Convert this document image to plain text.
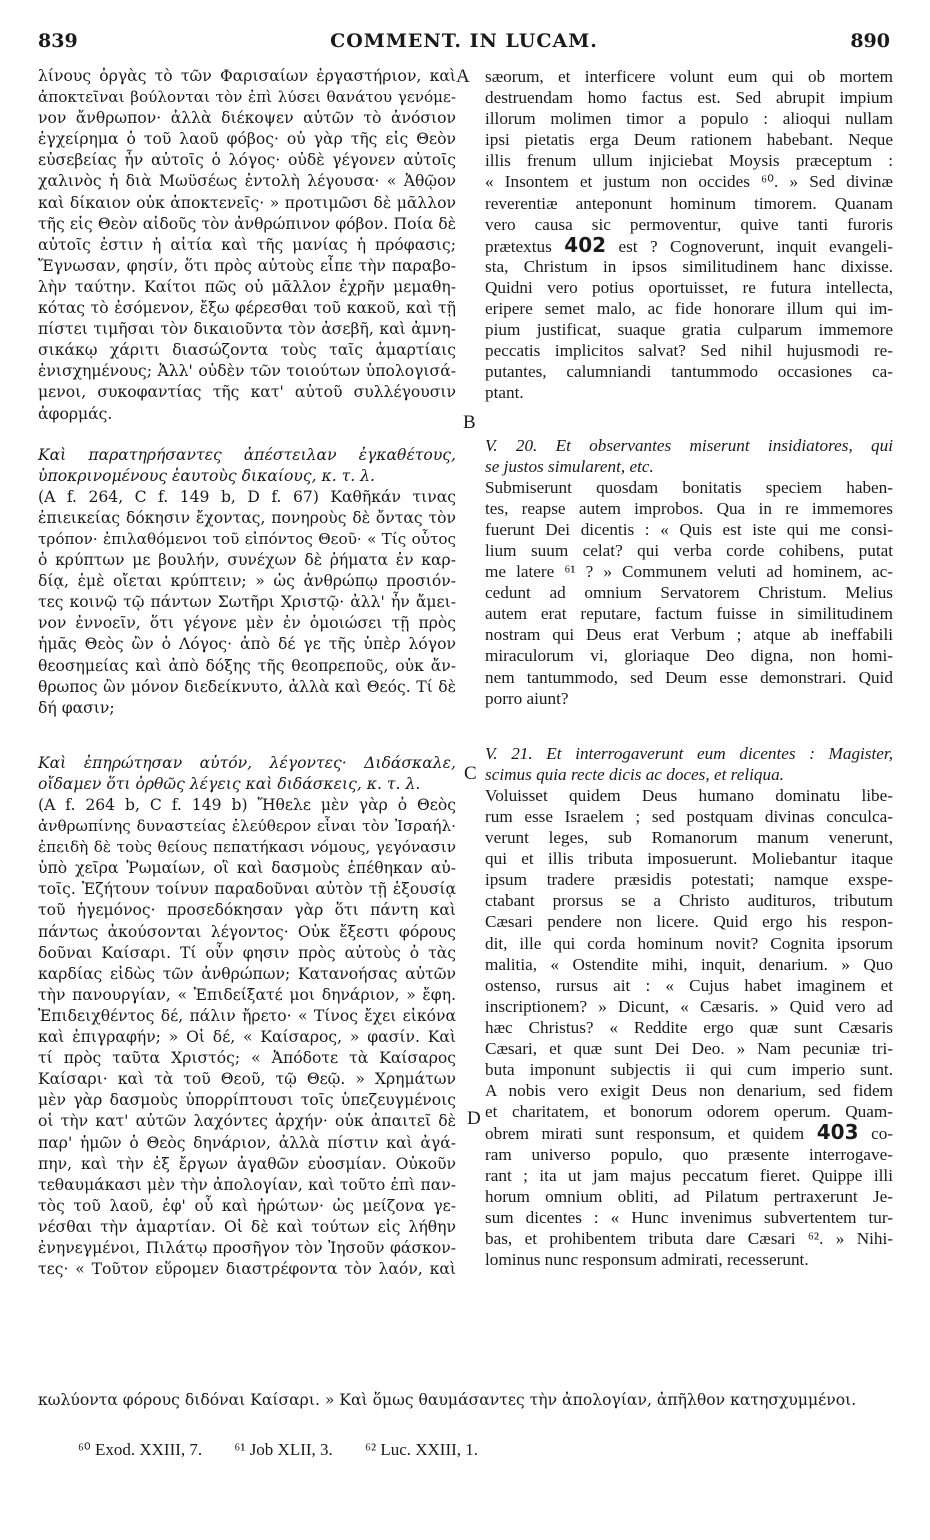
839	COMMENT. IN LUCAM.	890
A
B
C
D
λίνους ὀργὰς τὸ τῶν Φαρισαίων ἐργαστήριον, καὶ
ἀποκτεῖναι βούλονται τὸν ἐπὶ λύσει θανάτου γενόμε-
νον ἄνθρωπον· ἀλλὰ διέκοψεν αὐτῶν τὸ ἀνόσιον
ἐγχείρημα ὁ τοῦ λαοῦ φόβος· οὐ γὰρ τῆς εἰς Θεὸν
εὐσεβείας ἦν αὐτοῖς ὁ λόγος· οὐδὲ γέγονεν αὐτοῖς
χαλινὸς ἡ διὰ Μωϋσέως ἐντολὴ λέγουσα· « Ἀθῷον
καὶ δίκαιον οὐκ ἀποκτενεῖς· » προτιμῶσι δὲ μᾶλλον
τῆς εἰς Θεὸν αἰδοῦς τὸν ἀνθρώπινον φόβον. Ποία δὲ
αὐτοῖς ἐστιν ἡ αἰτία καὶ τῆς μανίας ἡ πρόφασις;
Ἔγνωσαν, φησίν, ὅτι πρὸς αὐτοὺς εἶπε τὴν παραβο-
λὴν ταύτην. Καίτοι πῶς οὐ μᾶλλον ἐχρῆν μεμαθη-
κότας τὸ ἐσόμενον, ἔξω φέρεσθαι τοῦ κακοῦ, καὶ τῇ
πίστει τιμῆσαι τὸν δικαιοῦντα τὸν ἀσεβῆ, καὶ ἀμνη-
σικάκῳ χάριτι διασώζοντα τοὺς ταῖς ἁμαρτίαις
ἐνισχημένους; Ἀλλ' οὐδὲν τῶν τοιούτων ὑπολογισά-
μενοι, συκοφαντίας τῆς κατ' αὐτοῦ συλλέγουσιν
ἀφορμάς.
Καὶ παρατηρήσαντες ἀπέστειλαν ἐγκαθέτους,
ὑποκρινομένους ἑαυτοὺς δικαίους, κ. τ. λ.
(A f. 264, C f. 149 b, D f. 67) Καθῆκάν τινας
ἐπιεικείας δόκησιν ἔχοντας, πονηροὺς δὲ ὄντας τὸν
τρόπον· ἐπιλαθόμενοι τοῦ εἰπόντος Θεοῦ· « Τίς οὗτος
ὁ κρύπτων με βουλήν, συνέχων δὲ ῥήματα ἐν καρ-
δίᾳ, ἐμὲ οἴεται κρύπτειν; » ὡς ἀνθρώπῳ προσιόν-
τες κοινῷ τῷ πάντων Σωτῆρι Χριστῷ· ἀλλ' ἦν ἄμει-
νον ἐννοεῖν, ὅτι γέγονε μὲν ἐν ὁμοιώσει τῇ πρὸς
ἡμᾶς Θεὸς ὢν ὁ Λόγος· ἀπὸ δέ γε τῆς ὑπὲρ λόγον
θεοσημείας καὶ ἀπὸ δόξης τῆς θεοπρεποῦς, οὐκ ἄν-
θρωπος ὢν μόνον διεδείκνυτο, ἀλλὰ καὶ Θεός. Τί δὲ
δή φασιν;
Καὶ ἐπηρώτησαν αὐτόν, λέγοντες· Διδάσκαλε,
οἴδαμεν ὅτι ὀρθῶς λέγεις καὶ διδάσκεις, κ. τ. λ.
(A f. 264 b, C f. 149 b) Ἤθελε μὲν γὰρ ὁ Θεὸς
ἀνθρωπίνης δυναστείας ἐλεύθερον εἶναι τὸν Ἰσραήλ·
ἐπειδὴ δὲ τοὺς θείους πεπατήκασι νόμους, γεγόνασιν
ὑπὸ χεῖρα Ῥωμαίων, οἳ καὶ δασμοὺς ἐπέθηκαν αὐ-
τοῖς. Ἐζήτουν τοίνυν παραδοῦναι αὐτὸν τῇ ἐξουσίᾳ
τοῦ ἡγεμόνος· προσεδόκησαν γὰρ ὅτι πάντη καὶ
πάντως ἀκούσονται λέγοντος· Οὐκ ἔξεστι φόρους
δοῦναι Καίσαρι. Τί οὖν φησιν πρὸς αὐτοὺς ὁ τὰς
καρδίας εἰδὼς τῶν ἀνθρώπων; Κατανοήσας αὐτῶν
τὴν πανουργίαν, « Ἐπιδείξατέ μοι δηνάριον, » ἔφη.
Ἐπιδειχθέντος δέ, πάλιν ἤρετο· « Τίνος ἔχει εἰκόνα
καὶ ἐπιγραφήν; » Οἱ δέ, « Καίσαρος, » φασίν. Καὶ
τί πρὸς ταῦτα Χριστός; « Ἀπόδοτε τὰ Καίσαρος
Καίσαρι· καὶ τὰ τοῦ Θεοῦ, τῷ Θεῷ. » Χρημάτων
μὲν γὰρ δασμοὺς ὑπορρίπτουσι τοῖς ὑπεζευγμένοις
οἱ τὴν κατ' αὐτῶν λαχόντες ἀρχήν· οὐκ ἀπαιτεῖ δὲ
παρ' ἡμῶν ὁ Θεὸς δηνάριον, ἀλλὰ πίστιν καὶ ἀγά-
πην, καὶ τὴν ἐξ ἔργων ἀγαθῶν εὐοσμίαν. Οὐκοῦν
τεθαυμάκασι μὲν τὴν ἀπολογίαν, καὶ τοῦτο ἐπὶ παν-
τὸς τοῦ λαοῦ, ἐφ' οὗ καὶ ἠρώτων· ὡς μείζονα γε-
νέσθαι τὴν ἁμαρτίαν. Οἱ δὲ καὶ τούτων εἰς λήθην
ἐνηνεγμένοι, Πιλάτῳ προσῆγον τὸν Ἰησοῦν φάσκον-
τες· « Τοῦτον εὕρομεν διαστρέφοντα τὸν λαόν, καὶ
sæorum, et interficere volunt eum qui ob mortem
destruendam homo factus est. Sed abrupit impium
illorum molimen timor a populo : alioqui nullam
ipsi pietatis erga Deum rationem habebant. Neque
illis frenum ullum injiciebat Moysis præceptum :
« Insontem et justum non occides ⁶⁰. » Sed divinæ
reverentiæ anteponunt hominum timorem. Quanam
vero causa sic permoventur, quive tanti furoris
prætextus 402 est ? Cognoverunt, inquit evangeli-
sta, Christum in ipsos similitudinem hanc dixisse.
Quidni vero potius oportuisset, re futura intellecta,
eripere semet malo, ac fide honorare illum qui im-
pium justificat, suaque gratia culparum immemore
peccatis implicitos salvat? Sed nihil hujusmodi re-
putantes, calumniandi tantummodo occasiones ca-
ptant.
V. 20. Et observantes miserunt insidiatores, qui
se justos simularent, etc.
Submiserunt quosdam bonitatis speciem haben-
tes, reapse autem improbos. Qua in re immemores
fuerunt Dei dicentis : « Quis est iste qui me consi-
lium suum celat? qui verba corde cohibens, putat
me latere ⁶¹ ? » Communem veluti ad hominem, ac-
cedunt ad omnium Servatorem Christum. Melius
autem erat reputare, factum fuisse in similitudinem
nostram qui Deus erat Verbum ; atque ab ineffabili
miraculorum vi, gloriaque Deo digna, non homi-
nem tantummodo, sed Deum esse demonstrari. Quid
porro aiunt?
V. 21. Et interrogaverunt eum dicentes : Magister,
scimus quia recte dicis ac doces, et reliqua.
Voluisset quidem Deus humano dominatu libe-
rum esse Israelem ; sed postquam divinas conculca-
verunt leges, sub Romanorum manum venerunt,
qui et illis tributa imposuerunt. Moliebantur itaque
ipsum tradere præsidis potestati; namque exspe-
ctabant prorsus se a Christo audituros, tributum
Cæsari pendere non licere. Quid ergo his respon-
dit, ille qui corda hominum novit? Cognita ipsorum
malitia, « Ostendite mihi, inquit, denarium. » Quo
ostenso, rursus ait : « Cujus habet imaginem et
inscriptionem? » Dicunt, « Cæsaris. » Quid vero ad
hæc Christus? « Reddite ergo quæ sunt Cæsaris
Cæsari, et quæ sunt Dei Deo. » Nam pecuniæ tri-
buta imponunt subjectis ii qui cum imperio sunt.
A nobis vero exigit Deus non denarium, sed fidem
et charitatem, et bonorum odorem operum. Quam-
obrem mirati sunt responsum, et quidem 403 co-
ram universo populo, quo præsente interrogave-
rant ; ita ut jam majus peccatum fieret. Quippe illi
horum omnium obliti, ad Pilatum pertraxerunt Je-
sum dicentes : « Hunc invenimus subvertentem tur-
bas, et prohibentem tributa dare Cæsari ⁶². » Nihi-
lominus nunc responsum admirati, recesserunt.
κωλύοντα φόρους διδόναι Καίσαρι. » Καὶ ὅμως θαυμάσαντες τὴν ἀπολογίαν, ἀπῆλθον κατησχυμμένοι.
⁶⁰ Exod. XXIII, 7. ⁶¹ Job XLII, 3. ⁶² Luc. XXIII, 1.
